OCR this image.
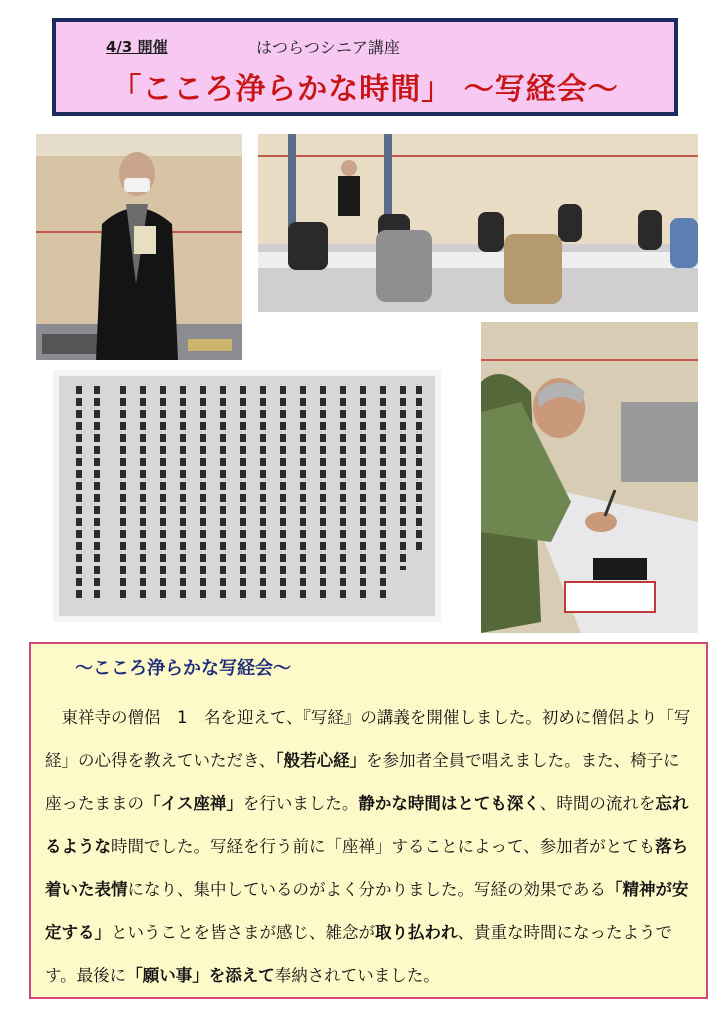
4/3 開催	はつらつシニア講座
「こころ浄らかな時間」 ～写経会～
～こころ浄らかな写経会～
　東祥寺の僧侶　1　名を迎えて、『写経』の講義を開催しました。初めに僧侶より「写経」の心得を教えていただき、「般若心経」を参加者全員で唱えました。また、椅子に座ったままの「イス座禅」を行いました。静かな時間はとても深く、時間の流れを忘れるような時間でした。写経を行う前に「座禅」することによって、参加者がとても落ち着いた表情になり、集中しているのがよく分かりました。写経の効果である「精神が安定する」ということを皆さまが感じ、雑念が取り払われ、貴重な時間になったようです。最後に「願い事」を添えて奉納されていました。
